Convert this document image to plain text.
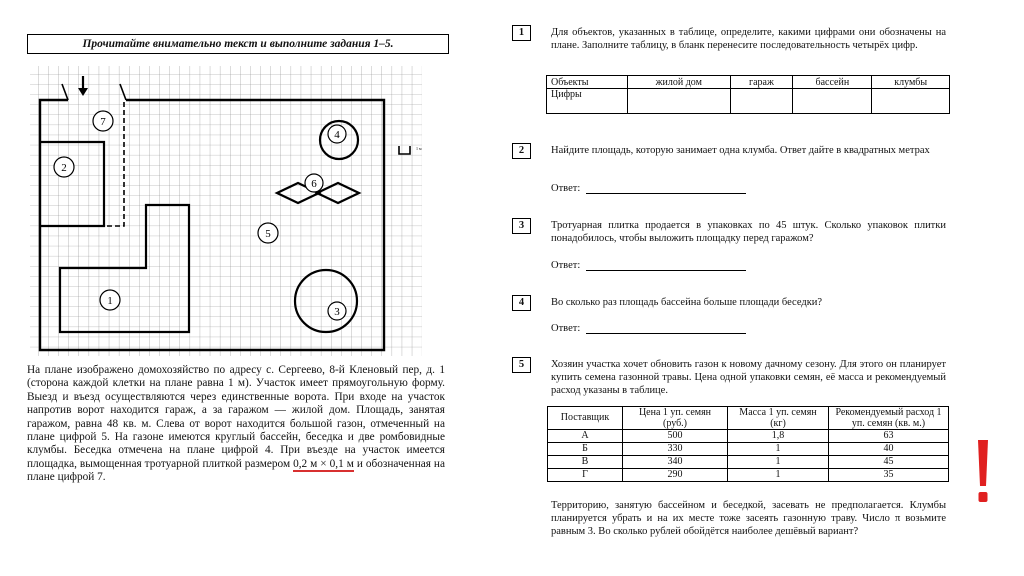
Прочитайте внимательно текст и выполните задания 1–5.
1 м
7
2
4
6
5
1
3
На плане изображено домохозяйство по адресу с. Сергеево, 8-й Кленовый пер, д. 1 (сторона каждой клетки на плане равна 1 м). Участок имеет прямоугольную форму. Выезд и въезд осуществляются через единственные ворота. При входе на участок напротив ворот находится гараж, а за гаражом — жилой дом. Площадь, занятая гаражом, равна 48 кв. м. Слева от ворот находится большой газон, отмеченный на плане цифрой 5. На газоне имеются круглый бассейн, беседка и две ромбовидные клумбы. Беседка отмечена на плане цифрой 4. При въезде на участок имеется площадка, вымощенная тротуарной плиткой размером 0,2 м × 0,1 м и обозначенная на плане цифрой 7.
1	Для объектов, указанных в таблице, определите, какими цифрами они обозначены на плане. Заполните таблицу, в бланк перенесите последовательность четырёх цифр.
Объекты	жилой дом	гараж	бассейн	клумбы
Цифры				
2	Найдите площадь, которую занимает одна клумба. Ответ дайте в квадратных метрах
Ответ:
3	Тротуарная плитка продается в упаковках по 45 штук. Сколько упаковок плитки понадобилось, чтобы выложить площадку перед гаражом?
Ответ:
4	Во сколько раз площадь бассейна больше площади беседки?
Ответ:
5	Хозяин участка хочет обновить газон к новому дачному сезону. Для этого он планирует купить семена газонной травы. Цена одной упаковки семян, её масса и рекомендуемый расход указаны в таблице.
Поставщик	Цена 1 уп. семян (руб.)	Масса 1 уп. семян (кг)	Рекомендуемый расход 1 уп. семян (кв. м.)
А	500	1,8	63
Б	330	1	40
В	340	1	45
Г	290	1	35
Территорию, занятую бассейном и беседкой, засевать не предполагается. Клумбы планируется убрать и на их месте тоже засеять газонную траву. Число π возьмите равным 3. Во сколько рублей обойдётся наиболее дешёвый вариант?
